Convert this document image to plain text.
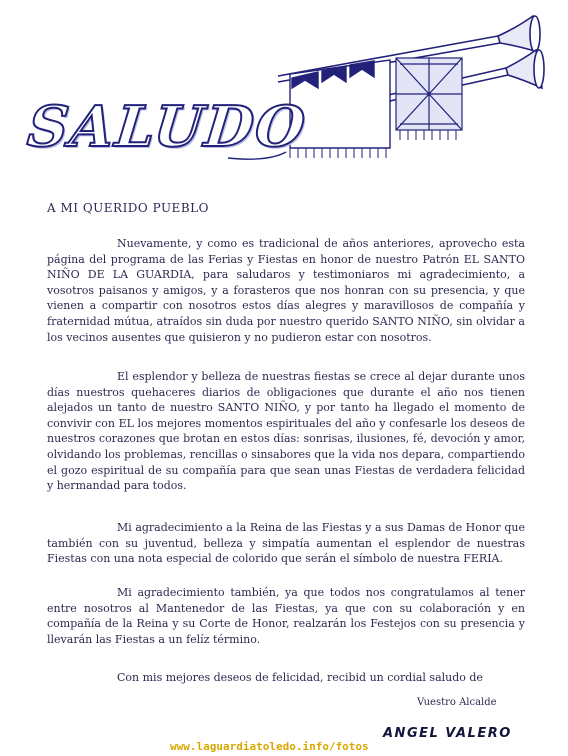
SALUDO
A MI QUERIDO PUEBLO

Nuevamente, y como es tradicional de años anteriores, aprovecho esta página del programa de las Ferias y Fiestas en honor de nuestro Patrón EL SANTO NIÑO DE LA GUARDIA, para saludaros y testimoniaros mi agradecimiento, a vosotros paisanos y amigos, y a forasteros que nos honran con su presencia, y que vienen a compartir con nosotros estos días alegres y maravillosos de compañía y fraternidad mútua, atraídos sin duda por nuestro querido SANTO NIÑO, sin olvidar a los vecinos ausentes que quisieron y no pudieron estar con nosotros.

El esplendor y belleza de nuestras fiestas se crece al dejar durante unos días nuestros quehaceres diarios de obligaciones que durante el año nos tienen alejados un tanto de nuestro SANTO NIÑO, y por tanto ha llegado el momento de convivir con EL los mejores momentos espirituales del año y confesarle los deseos de nuestros corazones que brotan en estos días: sonrisas, ilusiones, fé, devoción y amor, olvidando los problemas, rencillas o sinsabores que la vida nos depara, compartiendo el gozo espiritual de su compañía para que sean unas Fiestas de verdadera felicidad y hermandad para todos.

Mi agradecimiento a la Reina de las Fiestas y a sus Damas de Honor que también con su juventud, belleza y simpatía aumentan el esplendor de nuestras Fiestas con una nota especial de colorido que serán el símbolo de nuestra FERIA.

Mi agradecimiento también, ya que todos nos congratulamos al tener entre nosotros al Mantenedor de las Fiestas, ya que con su colaboración y en compañía de la Reina y su Corte de Honor, realzarán los Festejos con su presencia y llevarán las Fiestas a un felíz término.

Con mis mejores deseos de felicidad, recibid un cordial saludo de

Vuestro Alcalde
ANGEL VALERO
www.laguardiatoledo.info/fotos
